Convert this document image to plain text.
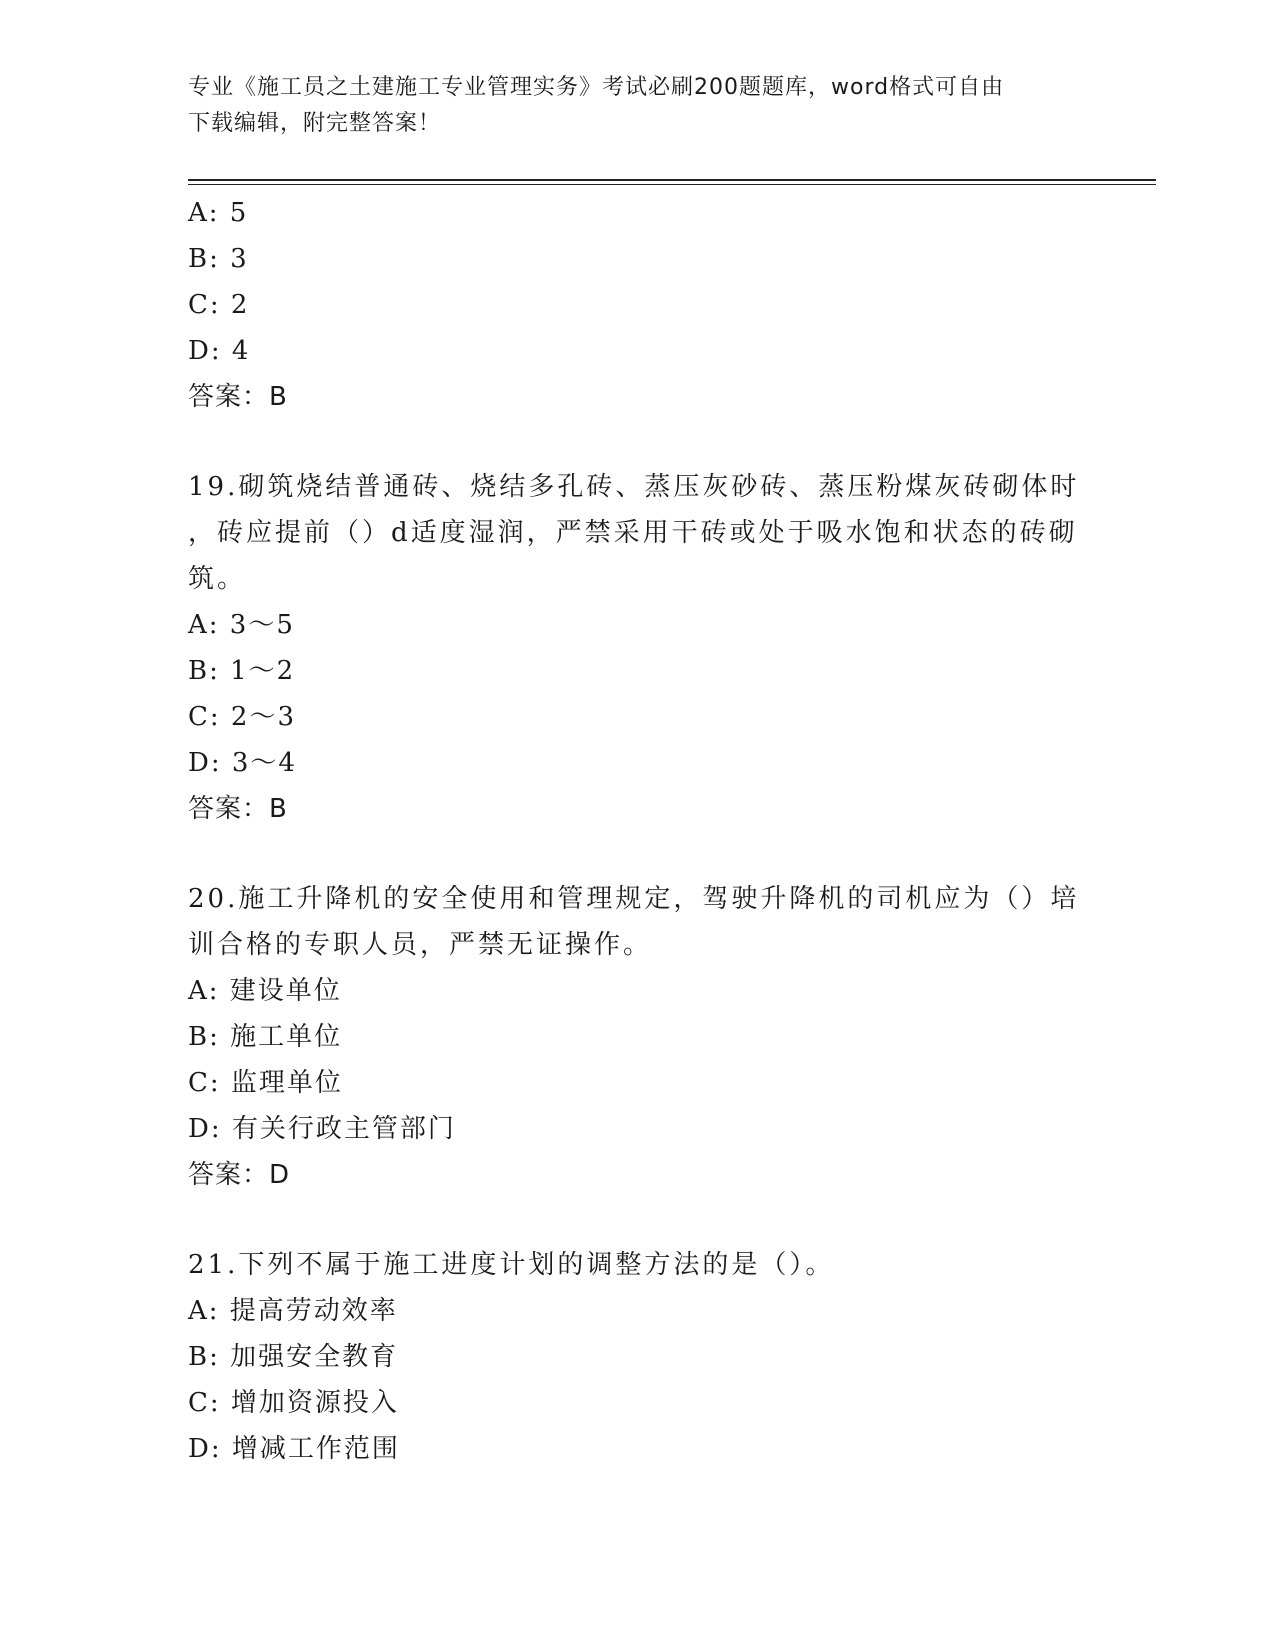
专业《施工员之土建施工专业管理实务》考试必刷200题题库，word格式可自由
下载编辑，附完整答案！
A: 5
B: 3
C: 2
D: 4
答案：B
19.砌筑烧结普通砖、烧结多孔砖、蒸压灰砂砖、蒸压粉煤灰砖砌体时
，砖应提前（）d适度湿润，严禁采用干砖或处于吸水饱和状态的砖砌
筑。
A: 3～5
B: 1～2
C: 2～3
D: 3～4
答案：B
20.施工升降机的安全使用和管理规定，驾驶升降机的司机应为（）培
训合格的专职人员，严禁无证操作。
A: 建设单位
B: 施工单位
C: 监理单位
D: 有关行政主管部门
答案：D
21.下列不属于施工进度计划的调整方法的是（）。
A: 提高劳动效率
B: 加强安全教育
C: 增加资源投入
D: 增减工作范围
